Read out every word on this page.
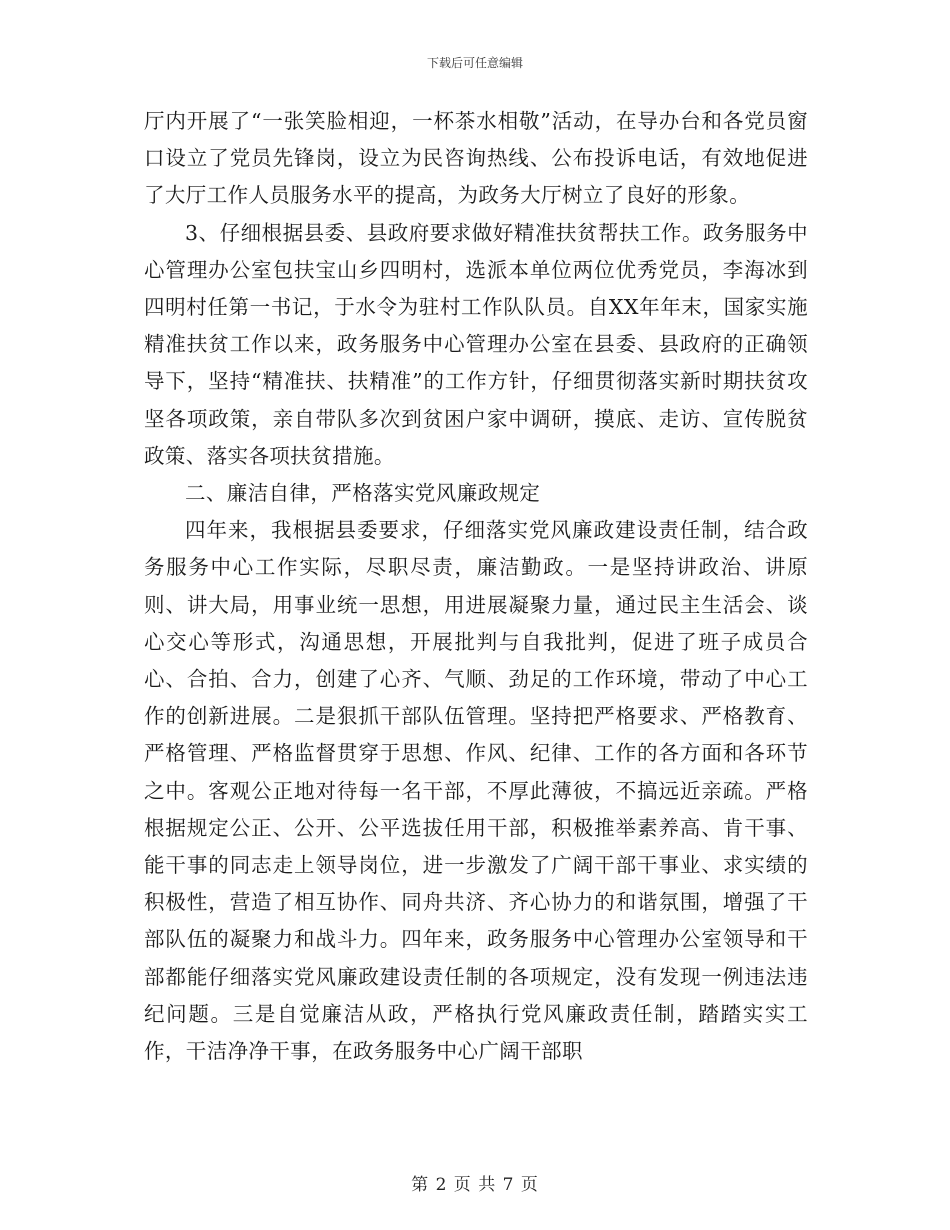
下载后可任意编辑

厅内开展了“一张笑脸相迎，一杯茶水相敬”活动，在导办台和各党员窗口设立了党员先锋岗，设立为民咨询热线、公布投诉电话，有效地促进了大厅工作人员服务水平的提高，为政务大厅树立了良好的形象。

3、仔细根据县委、县政府要求做好精准扶贫帮扶工作。政务服务中心管理办公室包扶宝山乡四明村，选派本单位两位优秀党员，李海冰到四明村任第一书记，于水令为驻村工作队队员。自XX年年末，国家实施精准扶贫工作以来，政务服务中心管理办公室在县委、县政府的正确领导下，坚持“精准扶、扶精准”的工作方针，仔细贯彻落实新时期扶贫攻坚各项政策，亲自带队多次到贫困户家中调研，摸底、走访、宣传脱贫政策、落实各项扶贫措施。

二、廉洁自律，严格落实党风廉政规定

四年来，我根据县委要求，仔细落实党风廉政建设责任制，结合政务服务中心工作实际，尽职尽责，廉洁勤政。一是坚持讲政治、讲原则、讲大局，用事业统一思想，用进展凝聚力量，通过民主生活会、谈心交心等形式，沟通思想，开展批判与自我批判，促进了班子成员合心、合拍、合力，创建了心齐、气顺、劲足的工作环境，带动了中心工作的创新进展。二是狠抓干部队伍管理。坚持把严格要求、严格教育、严格管理、严格监督贯穿于思想、作风、纪律、工作的各方面和各环节之中。客观公正地对待每一名干部，不厚此薄彼，不搞远近亲疏。严格根据规定公正、公开、公平选拔任用干部，积极推举素养高、肯干事、能干事的同志走上领导岗位，进一步激发了广阔干部干事业、求实绩的积极性，营造了相互协作、同舟共济、齐心协力的和谐氛围，增强了干部队伍的凝聚力和战斗力。四年来，政务服务中心管理办公室领导和干部都能仔细落实党风廉政建设责任制的各项规定，没有发现一例违法违纪问题。三是自觉廉洁从政，严格执行党风廉政责任制，踏踏实实工作，干洁净净干事，在政务服务中心广阔干部职

第 2 页 共 7 页
